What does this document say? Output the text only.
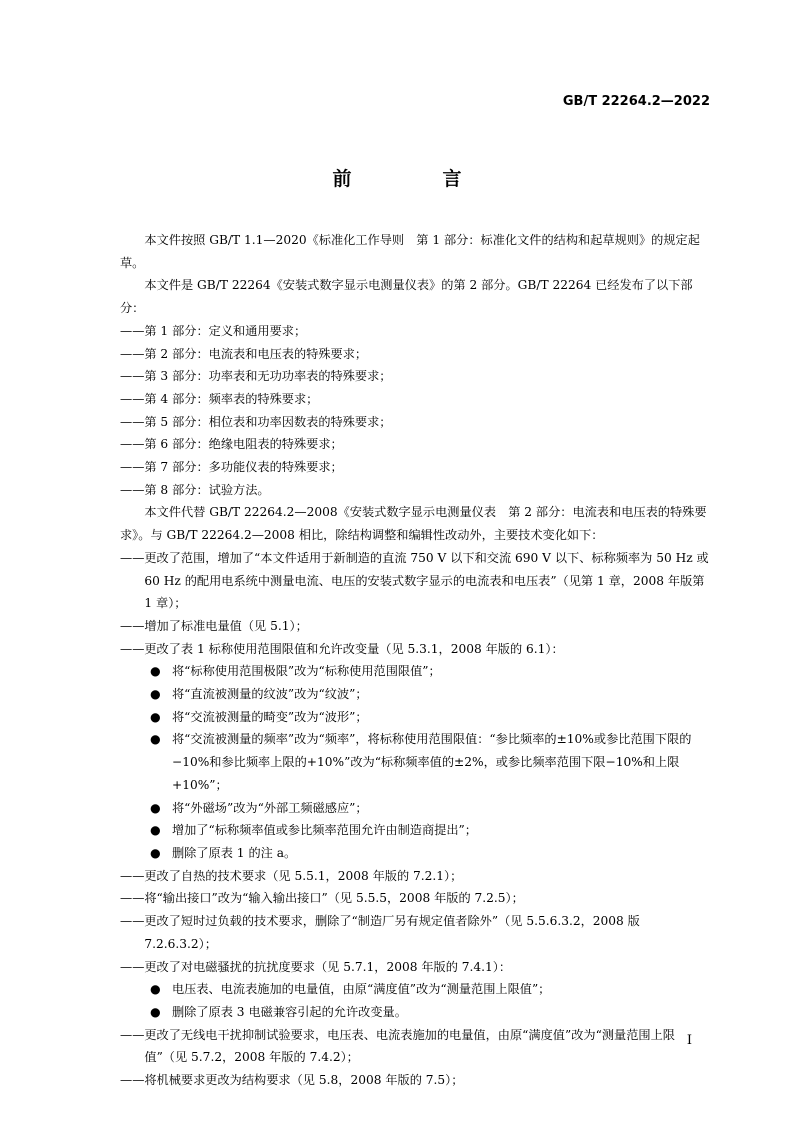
GB/T 22264.2—2022
前　言

本文件按照 GB/T 1.1—2020《标准化工作导则　第 1 部分：标准化文件的结构和起草规则》的规定起草。

本文件是 GB/T 22264《安装式数字显示电测量仪表》的第 2 部分。GB/T 22264 已经发布了以下部分：

——第 1 部分：定义和通用要求；

——第 2 部分：电流表和电压表的特殊要求；

——第 3 部分：功率表和无功功率表的特殊要求；

——第 4 部分：频率表的特殊要求；

——第 5 部分：相位表和功率因数表的特殊要求；

——第 6 部分：绝缘电阻表的特殊要求；

——第 7 部分：多功能仪表的特殊要求；

——第 8 部分：试验方法。

本文件代替 GB/T 22264.2—2008《安装式数字显示电测量仪表　第 2 部分：电流表和电压表的特殊要求》。与 GB/T 22264.2—2008 相比，除结构调整和编辑性改动外，主要技术变化如下：

——更改了范围，增加了“本文件适用于新制造的直流 750 V 以下和交流 690 V 以下、标称频率为 50 Hz 或 60 Hz 的配用电系统中测量电流、电压的安装式数字显示的电流表和电压表”（见第 1 章，2008 年版第 1 章）；

——增加了标准电量值（见 5.1）；

——更改了表 1 标称使用范围限值和允许改变量（见 5.3.1，2008 年版的 6.1）：

● 将“标称使用范围极限”改为“标称使用范围限值”；

● 将“直流被测量的纹波”改为“纹波”；

● 将“交流被测量的畸变”改为“波形”；

● 将“交流被测量的频率”改为“频率”，将标称使用范围限值：“参比频率的±10%或参比范围下限的−10%和参比频率上限的+10%”改为“标称频率值的±2%，或参比频率范围下限−10%和上限+10%”；

● 将“外磁场”改为“外部工频磁感应”；

● 增加了“标称频率值或参比频率范围允许由制造商提出”；

● 删除了原表 1 的注 a。

——更改了自热的技术要求（见 5.5.1，2008 年版的 7.2.1）；

——将“输出接口”改为“输入输出接口”（见 5.5.5，2008 年版的 7.2.5）；

——更改了短时过负载的技术要求，删除了“制造厂另有规定值者除外”（见 5.5.6.3.2，2008 版 7.2.6.3.2）；

——更改了对电磁骚扰的抗扰度要求（见 5.7.1，2008 年版的 7.4.1）：

● 电压表、电流表施加的电量值，由原“满度值”改为“测量范围上限值”；

● 删除了原表 3 电磁兼容引起的允许改变量。

——更改了无线电干扰抑制试验要求，电压表、电流表施加的电量值，由原“满度值”改为“测量范围上限值”（见 5.7.2，2008 年版的 7.4.2）；

——将机械要求更改为结构要求（见 5.8，2008 年版的 7.5）；

I
